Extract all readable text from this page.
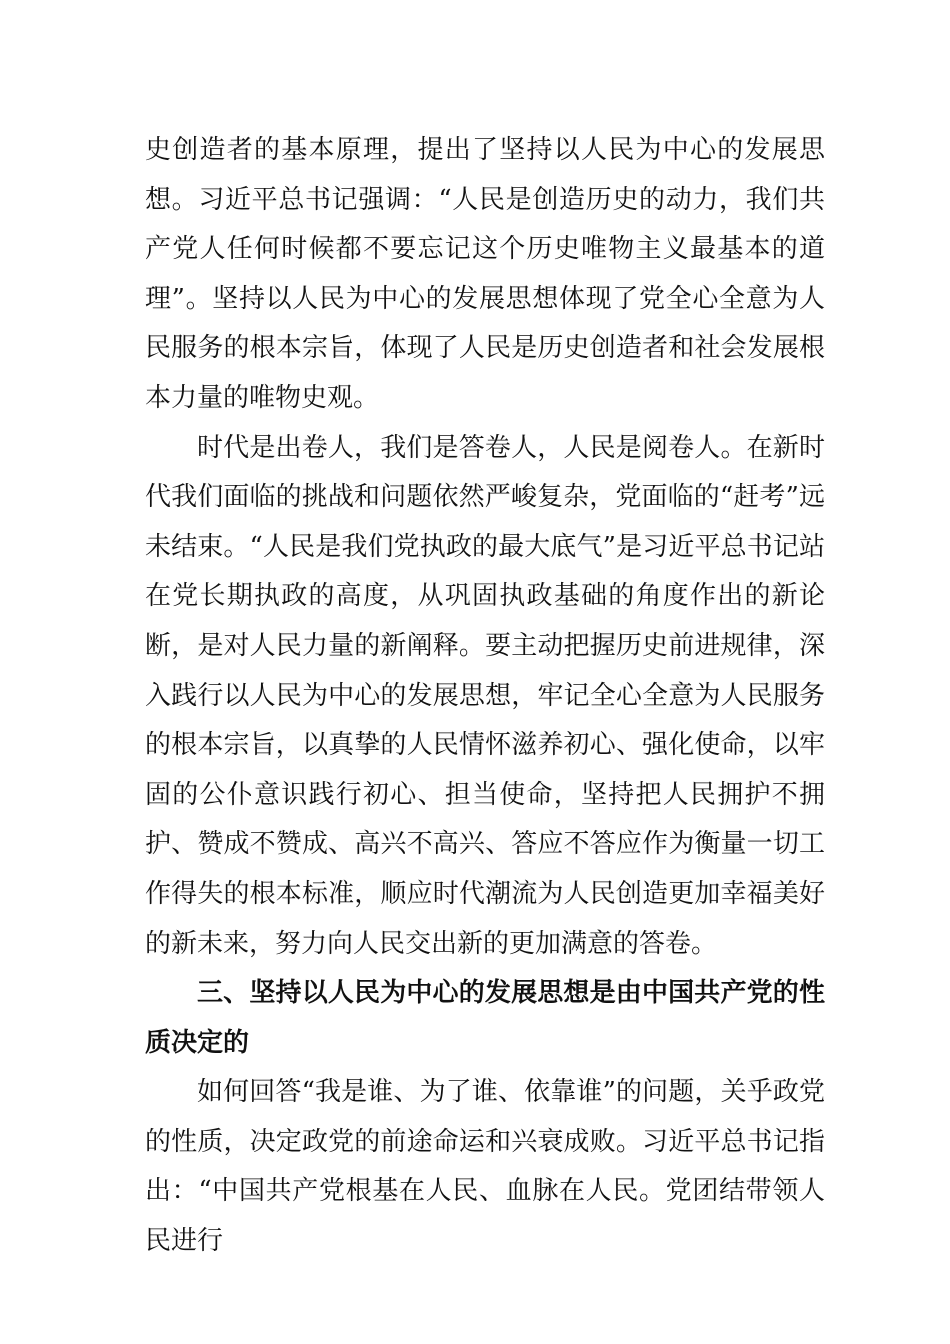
史创造者的基本原理，提出了坚持以人民为中心的发展思想。习近平总书记强调：“人民是创造历史的动力，我们共产党人任何时候都不要忘记这个历史唯物主义最基本的道理”。坚持以人民为中心的发展思想体现了党全心全意为人民服务的根本宗旨，体现了人民是历史创造者和社会发展根本力量的唯物史观。

时代是出卷人，我们是答卷人，人民是阅卷人。在新时代我们面临的挑战和问题依然严峻复杂，党面临的“赶考”远未结束。“人民是我们党执政的最大底气”是习近平总书记站在党长期执政的高度，从巩固执政基础的角度作出的新论断，是对人民力量的新阐释。要主动把握历史前进规律，深入践行以人民为中心的发展思想，牢记全心全意为人民服务的根本宗旨，以真挚的人民情怀滋养初心、强化使命，以牢固的公仆意识践行初心、担当使命，坚持把人民拥护不拥护、赞成不赞成、高兴不高兴、答应不答应作为衡量一切工作得失的根本标准，顺应时代潮流为人民创造更加幸福美好的新未来，努力向人民交出新的更加满意的答卷。

三、坚持以人民为中心的发展思想是由中国共产党的性质决定的

如何回答“我是谁、为了谁、依靠谁”的问题，关乎政党的性质，决定政党的前途命运和兴衰成败。习近平总书记指出：“中国共产党根基在人民、血脉在人民。党团结带领人民进行
